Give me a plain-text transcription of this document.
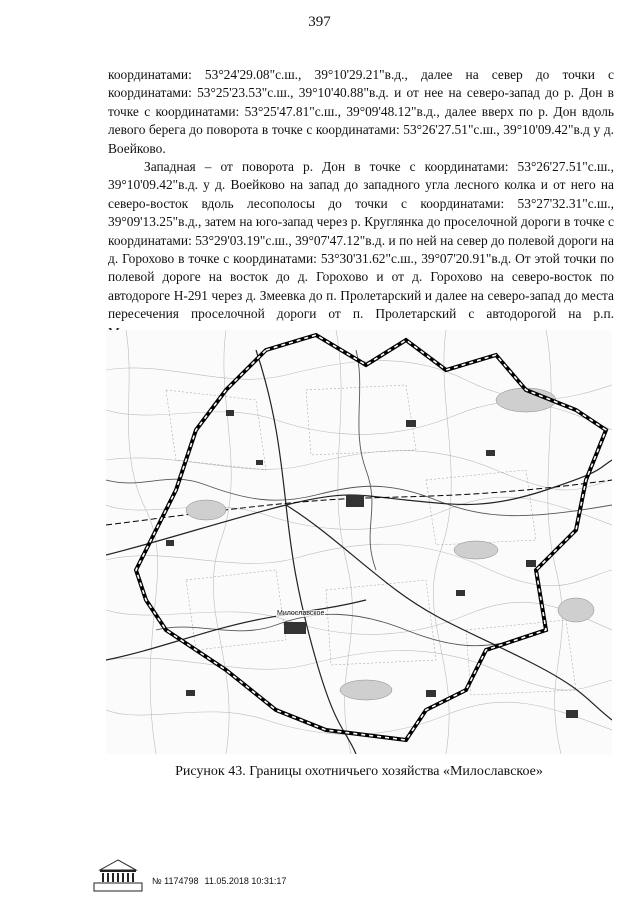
397

координатами: 53°24'29.08"с.ш., 39°10'29.21"в.д., далее на север до точки с координатами: 53°25'23.53"с.ш., 39°10'40.88"в.д. и от нее на северо-запад до р. Дон в точке с координатами: 53°25'47.81"с.ш., 39°09'48.12"в.д., далее вверх по р. Дон вдоль левого берега до поворота в точке с координатами: 53°26'27.51"с.ш., 39°10'09.42"в.д у д. Воейково.

Западная – от поворота р. Дон в точке с координатами: 53°26'27.51"с.ш., 39°10'09.42"в.д. у д. Воейково на запад до западного угла лесного колка и от него на северо-восток вдоль лесополосы до точки с координатами: 53°27'32.31"с.ш., 39°09'13.25"в.д., затем на юго-запад через р. Круглянка до проселочной дороги в точке с координатами: 53°29'03.19"с.ш., 39°07'47.12"в.д. и по ней на север до полевой дороги на д. Горохово в точке с координатами: 53°30'31.62"с.ш., 39°07'20.91"в.д. От этой точки по полевой дороге на восток до д. Горохово и от д. Горохово на северо-восток по автодороге Н-291 через д. Змеевка до п. Пролетарский и далее на северо-запад до места пересечения проселочной дороги от п. Пролетарский с автодорогой на р.п.

Милославское
Рисунок 43. Границы охотничьего хозяйства «Милославское»
№ 1174798 11.05.2018 10:31:17
